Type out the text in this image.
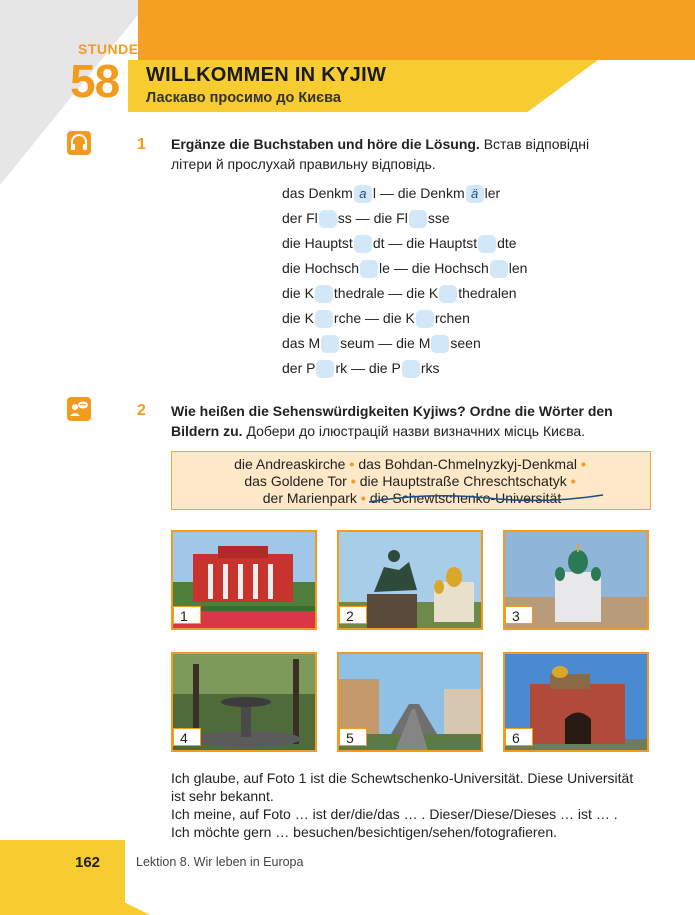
STUNDE
58 WILLKOMMEN IN KYJIW
Ласкаво просимо до Києва
1 Ergänze die Buchstaben und höre die Lösung. Встав відповідні
літери й прослухай правильну відповідь.
das Denkm a l — die Denkm ä ler
der Fl ss — die Fl sse
die Hauptst dt — die Hauptst dte
die Hochsch le — die Hochsch len
die K thedrale — die K thedralen
die K rche — die K rchen
das M seum — die M seen
der P rk — die P rks
2 Wie heißen die Sehenswürdigkeiten Kyjiws? Ordne die Wörter den
Bildern zu. Добери до ілюстрацій назви визначних місць Києва.
die Andreaskirche • das Bohdan-Chmelnyzkyj-Denkmal •
das Goldene Tor • die Hauptstraße Chreschtschatyk •
der Marienpark • die Schewtschenko-Universität
1	2	3
4	5	6
Ich glaube, auf Foto 1 ist die Schewtschenko-Universität. Diese Universität
ist sehr bekannt.
Ich meine, auf Foto … ist der/die/das … . Dieser/Diese/Dieses … ist … .
Ich möchte gern … besuchen/besichtigen/sehen/fotografieren.
162	Lektion 8. Wir leben in Europa
